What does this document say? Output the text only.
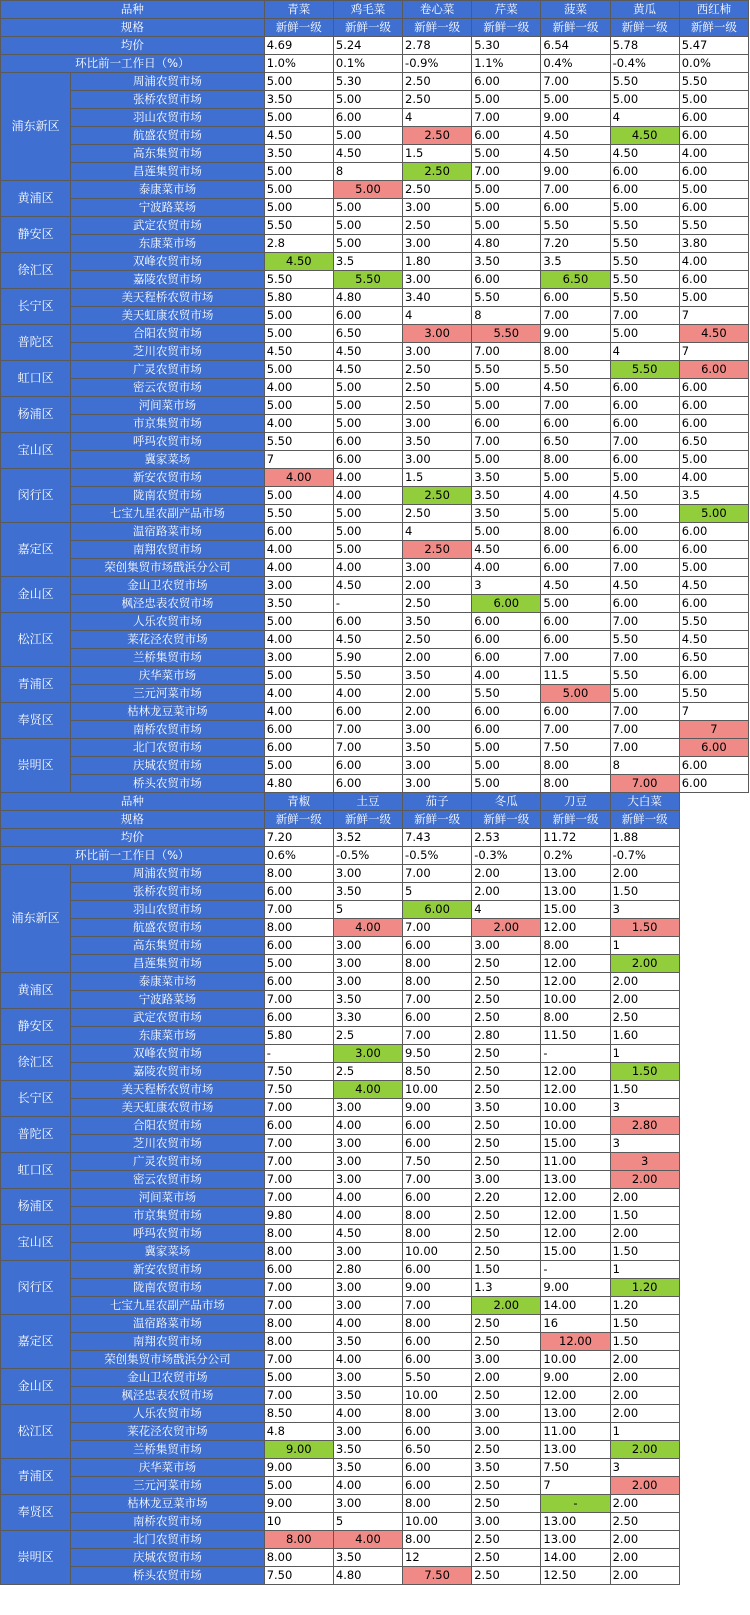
品种		青菜	鸡毛菜	卷心菜	芹菜	菠菜	黄瓜	西红柿
规格		新鲜一级	新鲜一级	新鲜一级	新鲜一级	新鲜一级	新鲜一级	新鲜一级
均价		4.69	5.24	2.78	5.30	6.54	5.78	5.47
环比前一工作日（%）		1.0%	0.1%	-0.9%	1.1%	0.4%	-0.4%	0.0%
浦东新区	周浦农贸市场	5.00	5.30	2.50	6.00	7.00	5.50	5.50
	张桥农贸市场	3.50	5.00	2.50	5.00	5.00	5.00	5.00
	羽山农贸市场	5.00	6.00	4	7.00	9.00	4	6.00
	航盛农贸市场	4.50	5.00	2.50	6.00	4.50	4.50	6.00
	高东集贸市场	3.50	4.50	1.5	5.00	4.50	4.50	4.00
	昌莲集贸市场	5.00	8	2.50	7.00	9.00	6.00	6.00
黄浦区	泰康菜市场	5.00	5.00	2.50	5.00	7.00	6.00	5.00
	宁波路菜场	5.00	5.00	3.00	5.00	6.00	5.00	6.00
静安区	武定农贸市场	5.50	5.00	2.50	5.00	5.50	5.50	5.50
	东康菜市场	2.8	5.00	3.00	4.80	7.20	5.50	3.80
徐汇区	双峰农贸市场	4.50	3.5	1.80	3.50	3.5	5.50	4.00
	嘉陵农贸市场	5.50	5.50	3.00	6.00	6.50	5.50	6.00
长宁区	美天程桥农贸市场	5.80	4.80	3.40	5.50	6.00	5.50	5.00
	美天虹康农贸市场	5.00	6.00	4	8	7.00	7.00	7
普陀区	合阳农贸市场	5.00	6.50	3.00	5.50	9.00	5.00	4.50
	芝川农贸市场	4.50	4.50	3.00	7.00	8.00	4	7
虹口区	广灵农贸市场	5.00	4.50	2.50	5.50	5.50	5.50	6.00
	密云农贸市场	4.00	5.00	2.50	5.00	4.50	6.00	6.00
杨浦区	河间菜市场	5.00	5.00	2.50	5.00	7.00	6.00	6.00
	市京集贸市场	4.00	5.00	3.00	6.00	6.00	6.00	6.00
宝山区	呼玛农贸市场	5.50	6.00	3.50	7.00	6.50	7.00	6.50
	冀家菜场	7	6.00	3.00	5.00	8.00	6.00	5.00
闵行区	新安农贸市场	4.00	4.00	1.5	3.50	5.00	5.00	4.00
	陇南农贸市场	5.00	4.00	2.50	3.50	4.00	4.50	3.5
	七宝九星农副产品市场	5.50	5.00	2.50	3.50	5.00	5.00	5.00
嘉定区	温宿路菜市场	6.00	5.00	4	5.00	8.00	6.00	6.00
	南翔农贸市场	4.00	5.00	2.50	4.50	6.00	6.00	6.00
	荣创集贸市场戬浜分公司	4.00	4.00	3.00	4.00	6.00	7.00	5.00
金山区	金山卫农贸市场	3.00	4.50	2.00	3	4.50	4.50	4.50
	枫泾忠表农贸市场	3.50	-	2.50	6.00	5.00	6.00	6.00
松江区	人乐农贸市场	5.00	6.00	3.50	6.00	6.00	7.00	5.50
	莱花泾农贸市场	4.00	4.50	2.50	6.00	6.00	5.50	4.50
	兰桥集贸市场	3.00	5.90	2.00	6.00	7.00	7.00	6.50
青浦区	庆华菜市场	5.00	5.50	3.50	4.00	11.5	5.50	6.00
	三元河菜市场	4.00	4.00	2.00	5.50	5.00	5.00	5.50
奉贤区	枯林龙豆菜市场	4.00	6.00	2.00	6.00	6.00	7.00	7
	南桥农贸市场	6.00	7.00	3.00	6.00	7.00	7.00	7
崇明区	北门农贸市场	6.00	7.00	3.50	5.00	7.50	7.00	6.00
	庆城农贸市场	5.00	6.00	3.00	5.00	8.00	8	6.00
	桥头农贸市场	4.80	6.00	3.00	5.00	8.00	7.00	6.00
品种		青椒	土豆	茄子	冬瓜	刀豆	大白菜	
规格		新鲜一级	新鲜一级	新鲜一级	新鲜一级	新鲜一级	新鲜一级	
均价		7.20	3.52	7.43	2.53	11.72	1.88	
环比前一工作日（%）		0.6%	-0.5%	-0.5%	-0.3%	0.2%	-0.7%	
浦东新区	周浦农贸市场	8.00	3.00	7.00	2.00	13.00	2.00	
	张桥农贸市场	6.00	3.50	5	2.00	13.00	1.50	
	羽山农贸市场	7.00	5	6.00	4	15.00	3	
	航盛农贸市场	8.00	4.00	7.00	2.00	12.00	1.50	
	高东集贸市场	6.00	3.00	6.00	3.00	8.00	1	
	昌莲集贸市场	5.00	3.00	8.00	2.50	12.00	2.00	
黄浦区	泰康菜市场	6.00	3.00	8.00	2.50	12.00	2.00	
	宁波路菜场	7.00	3.50	7.00	2.50	10.00	2.00	
静安区	武定农贸市场	6.00	3.30	6.00	2.50	8.00	2.50	
	东康菜市场	5.80	2.5	7.00	2.80	11.50	1.60	
徐汇区	双峰农贸市场	-	3.00	9.50	2.50	-	1	
	嘉陵农贸市场	7.50	2.5	8.50	2.50	12.00	1.50	
长宁区	美天程桥农贸市场	7.50	4.00	10.00	2.50	12.00	1.50	
	美天虹康农贸市场	7.00	3.00	9.00	3.50	10.00	3	
普陀区	合阳农贸市场	6.00	4.00	6.00	2.50	10.00	2.80	
	芝川农贸市场	7.00	3.00	6.00	2.50	15.00	3	
虹口区	广灵农贸市场	7.00	3.00	7.50	2.50	11.00	3	
	密云农贸市场	7.00	3.00	7.00	3.00	13.00	2.00	
杨浦区	河间菜市场	7.00	4.00	6.00	2.20	12.00	2.00	
	市京集贸市场	9.80	4.00	8.00	2.50	12.00	1.50	
宝山区	呼玛农贸市场	8.00	4.50	8.00	2.50	12.00	2.00	
	冀家菜场	8.00	3.00	10.00	2.50	15.00	1.50	
闵行区	新安农贸市场	6.00	2.80	6.00	1.50	-	1	
	陇南农贸市场	7.00	3.00	9.00	1.3	9.00	1.20	
	七宝九星农副产品市场	7.00	3.00	7.00	2.00	14.00	1.20	
嘉定区	温宿路菜市场	8.00	4.00	8.00	2.50	16	1.50	
	南翔农贸市场	8.00	3.50	6.00	2.50	12.00	1.50	
	荣创集贸市场戬浜分公司	7.00	4.00	6.00	3.00	10.00	2.00	
金山区	金山卫农贸市场	5.00	3.00	5.50	2.00	9.00	2.00	
	枫泾忠表农贸市场	7.00	3.50	10.00	2.50	12.00	2.00	
松江区	人乐农贸市场	8.50	4.00	8.00	3.00	13.00	2.00	
	莱花泾农贸市场	4.8	3.00	6.00	3.00	11.00	1	
	兰桥集贸市场	9.00	3.50	6.50	2.50	13.00	2.00	
青浦区	庆华菜市场	9.00	3.50	6.00	3.50	7.50	3	
	三元河菜市场	5.00	4.00	6.00	2.50	7	2.00	
奉贤区	枯林龙豆菜市场	9.00	3.00	8.00	2.50	-	2.00	
	南桥农贸市场	10	5	10.00	3.00	13.00	2.50	
崇明区	北门农贸市场	8.00	4.00	8.00	2.50	13.00	2.00	
	庆城农贸市场	8.00	3.50	12	2.50	14.00	2.00	
	桥头农贸市场	7.50	4.80	7.50	2.50	12.50	2.00	
